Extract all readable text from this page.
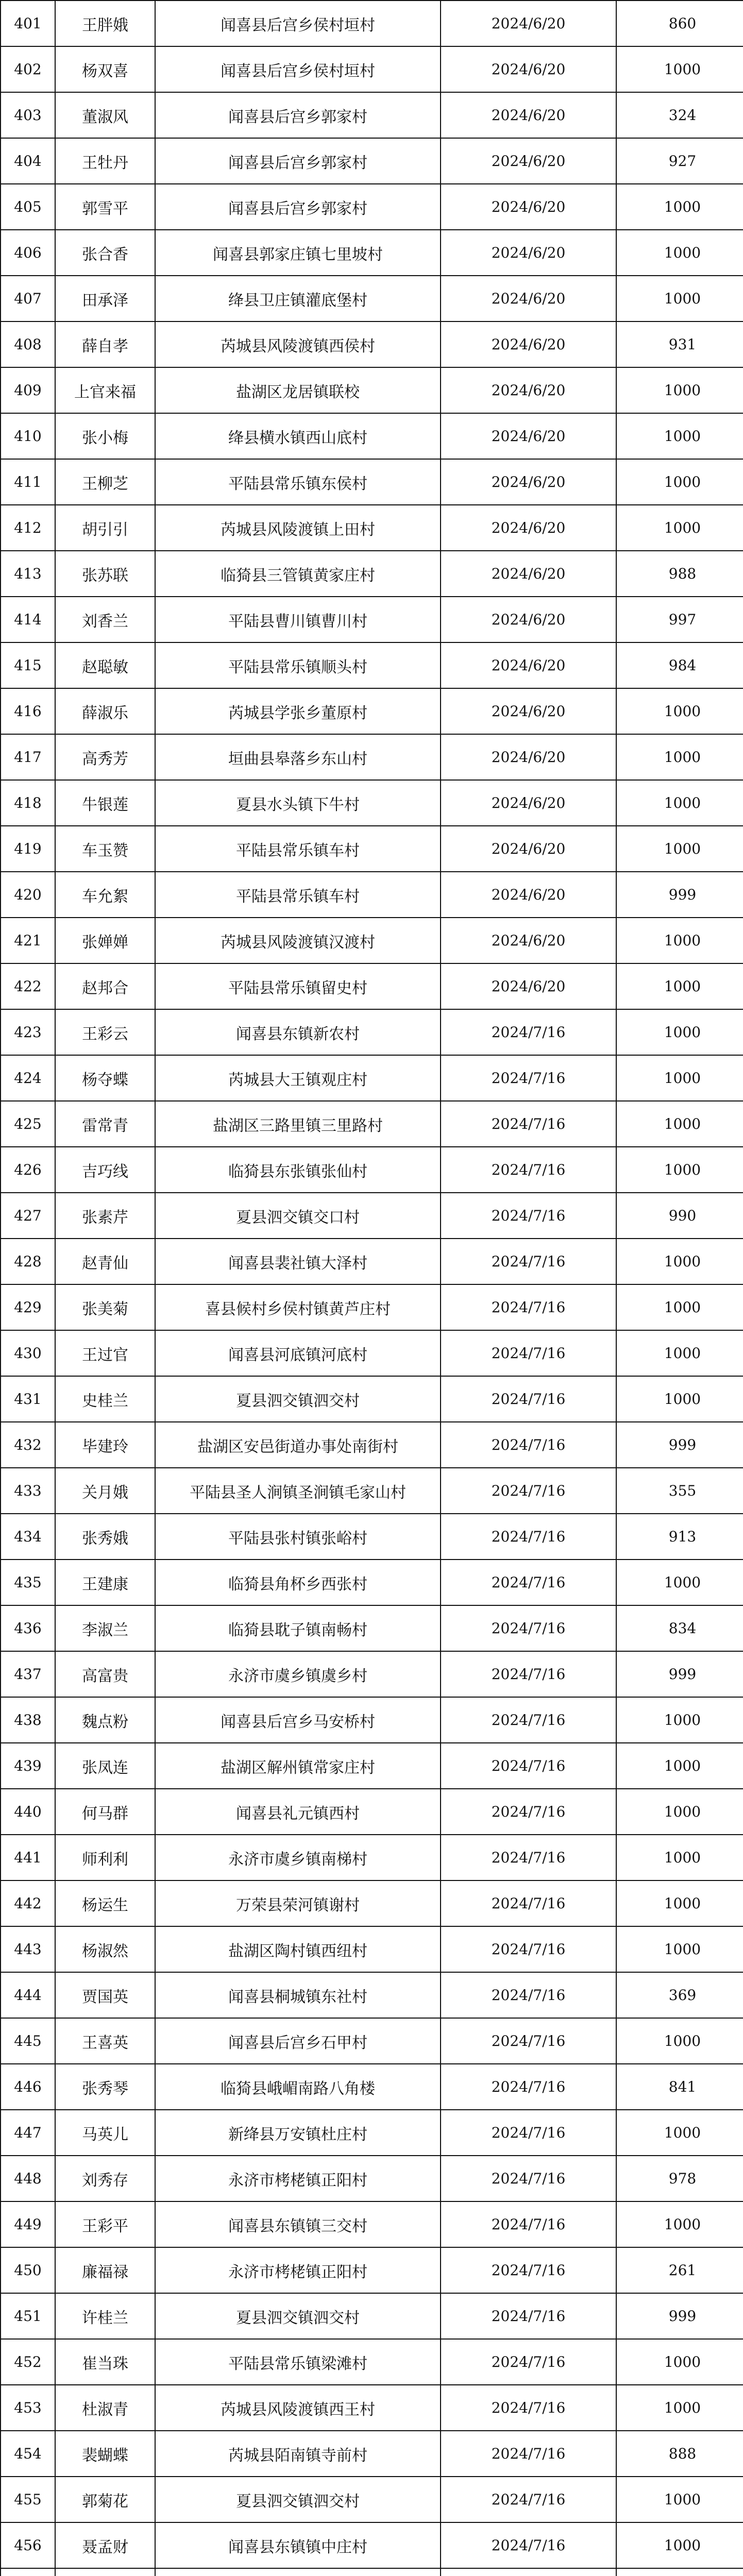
401	王胖娥	闻喜县后宫乡侯村垣村	2024/6/20	860
402	杨双喜	闻喜县后宫乡侯村垣村	2024/6/20	1000
403	董淑风	闻喜县后宫乡郭家村	2024/6/20	324
404	王牡丹	闻喜县后宫乡郭家村	2024/6/20	927
405	郭雪平	闻喜县后宫乡郭家村	2024/6/20	1000
406	张合香	闻喜县郭家庄镇七里坡村	2024/6/20	1000
407	田承泽	绛县卫庄镇灌底堡村	2024/6/20	1000
408	薛自孝	芮城县风陵渡镇西侯村	2024/6/20	931
409	上官来福	盐湖区龙居镇联校	2024/6/20	1000
410	张小梅	绛县横水镇西山底村	2024/6/20	1000
411	王柳芝	平陆县常乐镇东侯村	2024/6/20	1000
412	胡引引	芮城县风陵渡镇上田村	2024/6/20	1000
413	张苏联	临猗县三管镇黄家庄村	2024/6/20	988
414	刘香兰	平陆县曹川镇曹川村	2024/6/20	997
415	赵聪敏	平陆县常乐镇顺头村	2024/6/20	984
416	薛淑乐	芮城县学张乡董原村	2024/6/20	1000
417	高秀芳	垣曲县皋落乡东山村	2024/6/20	1000
418	牛银莲	夏县水头镇下牛村	2024/6/20	1000
419	车玉赞	平陆县常乐镇车村	2024/6/20	1000
420	车允絮	平陆县常乐镇车村	2024/6/20	999
421	张婵婵	芮城县风陵渡镇汉渡村	2024/6/20	1000
422	赵邦合	平陆县常乐镇留史村	2024/6/20	1000
423	王彩云	闻喜县东镇新农村	2024/7/16	1000
424	杨夺蝶	芮城县大王镇观庄村	2024/7/16	1000
425	雷常青	盐湖区三路里镇三里路村	2024/7/16	1000
426	吉巧线	临猗县东张镇张仙村	2024/7/16	1000
427	张素芹	夏县泗交镇交口村	2024/7/16	990
428	赵青仙	闻喜县裴社镇大泽村	2024/7/16	1000
429	张美菊	喜县候村乡侯村镇黄芦庄村	2024/7/16	1000
430	王过官	闻喜县河底镇河底村	2024/7/16	1000
431	史桂兰	夏县泗交镇泗交村	2024/7/16	1000
432	毕建玲	盐湖区安邑街道办事处南街村	2024/7/16	999
433	关月娥	平陆县圣人涧镇圣涧镇毛家山村	2024/7/16	355
434	张秀娥	平陆县张村镇张峪村	2024/7/16	913
435	王建康	临猗县角杯乡西张村	2024/7/16	1000
436	李淑兰	临猗县耽子镇南畅村	2024/7/16	834
437	高富贵	永济市虞乡镇虞乡村	2024/7/16	999
438	魏点粉	闻喜县后宫乡马安桥村	2024/7/16	1000
439	张凤连	盐湖区解州镇常家庄村	2024/7/16	1000
440	何马群	闻喜县礼元镇西村	2024/7/16	1000
441	师利利	永济市虞乡镇南梯村	2024/7/16	1000
442	杨运生	万荣县荣河镇谢村	2024/7/16	1000
443	杨淑然	盐湖区陶村镇西纽村	2024/7/16	1000
444	贾国英	闻喜县桐城镇东社村	2024/7/16	369
445	王喜英	闻喜县后宫乡石甲村	2024/7/16	1000
446	张秀琴	临猗县峨嵋南路八角楼	2024/7/16	841
447	马英儿	新绛县万安镇杜庄村	2024/7/16	1000
448	刘秀存	永济市栲栳镇正阳村	2024/7/16	978
449	王彩平	闻喜县东镇镇三交村	2024/7/16	1000
450	廉福禄	永济市栲栳镇正阳村	2024/7/16	261
451	许桂兰	夏县泗交镇泗交村	2024/7/16	999
452	崔当珠	平陆县常乐镇梁滩村	2024/7/16	1000
453	杜淑青	芮城县风陵渡镇西王村	2024/7/16	1000
454	裴蝴蝶	芮城县陌南镇寺前村	2024/7/16	888
455	郭菊花	夏县泗交镇泗交村	2024/7/16	1000
456	聂孟财	闻喜县东镇镇中庄村	2024/7/16	1000
